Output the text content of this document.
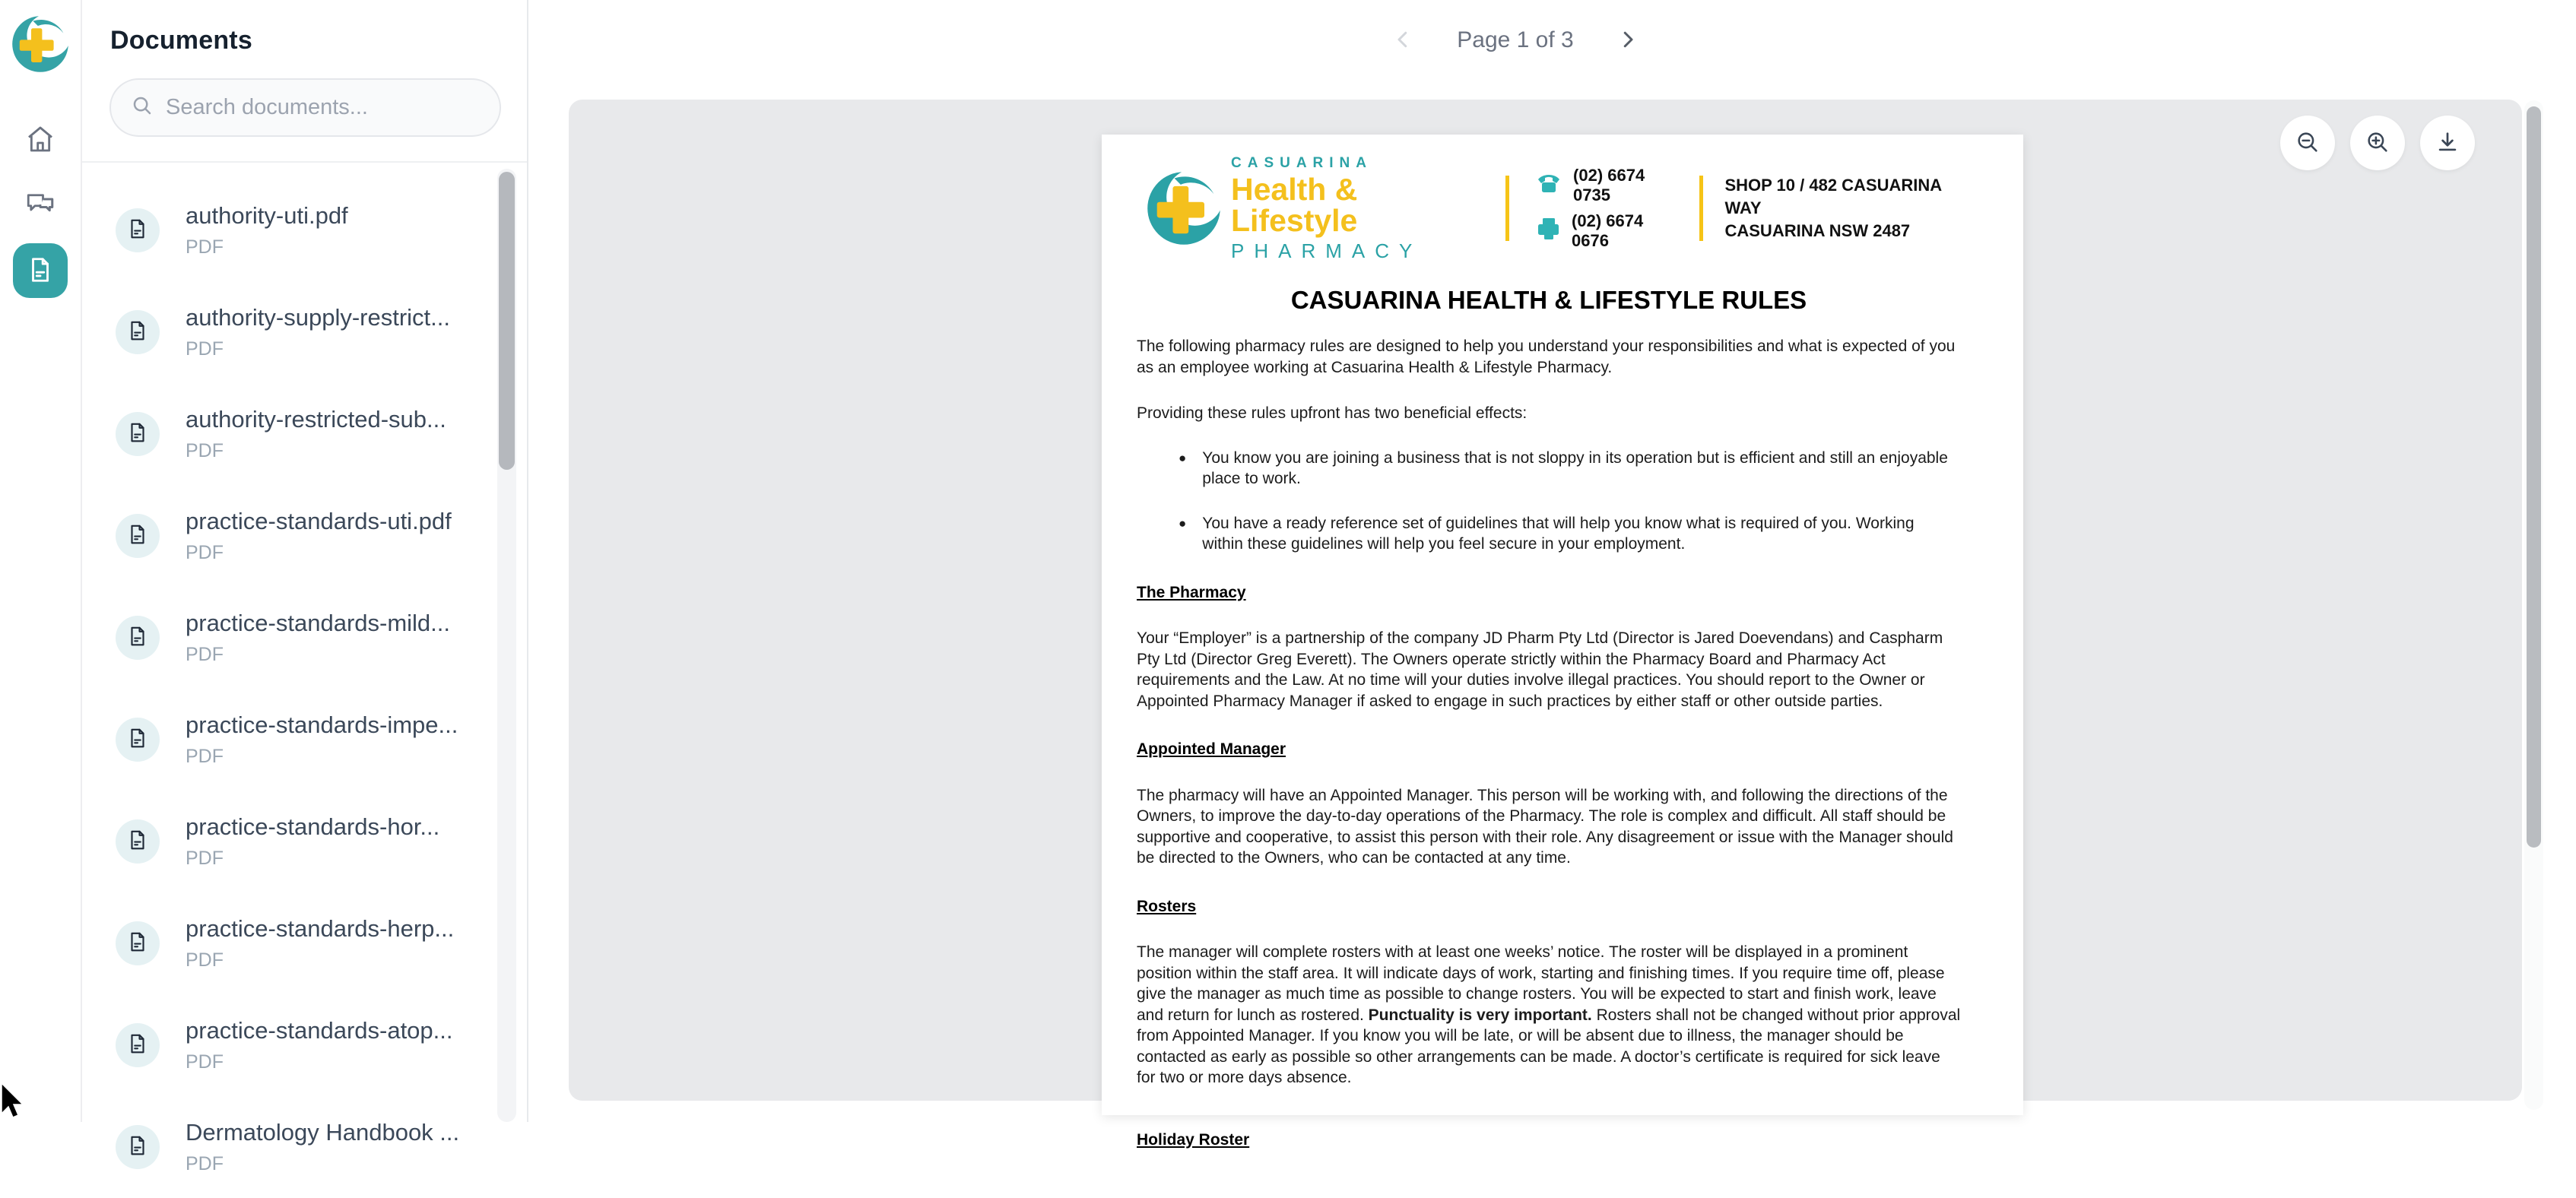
Documents
Search documents...
authority-uti.pdf
PDF
authority-supply-restrict...
PDF
authority-restricted-sub...
PDF
practice-standards-uti.pdf
PDF
practice-standards-mild...
PDF
practice-standards-impe...
PDF
practice-standards-hor...
PDF
practice-standards-herp...
PDF
practice-standards-atop...
PDF
Dermatology Handbook ...
PDF
Page 1 of 3
CASUARINA
Health & Lifestyle
PHARMACY
(02) 6674 0735
(02) 6674 0676
SHOP 10 / 482 CASUARINA WAY
CASUARINA NSW 2487
CASUARINA HEALTH & LIFESTYLE RULES
The following pharmacy rules are designed to help you understand your responsibilities and what is expected of you as an employee working at Casuarina Health & Lifestyle Pharmacy.
Providing these rules upfront has two beneficial effects:
● You know you are joining a business that is not sloppy in its operation but is efficient and still an enjoyable place to work.
● You have a ready reference set of guidelines that will help you know what is required of you. Working within these guidelines will help you feel secure in your employment.
The Pharmacy
Your “Employer” is a partnership of the company JD Pharm Pty Ltd (Director is Jared Doevendans) and Caspharm Pty Ltd (Director Greg Everett). The Owners operate strictly within the Pharmacy Board and Pharmacy Act requirements and the Law. At no time will your duties involve illegal practices. You should report to the Owner or Appointed Pharmacy Manager if asked to engage in such practices by either staff or other outside parties.
Appointed Manager
The pharmacy will have an Appointed Manager. This person will be working with, and following the directions of the Owners, to improve the day-to-day operations of the Pharmacy. The role is complex and difficult. All staff should be supportive and cooperative, to assist this person with their role. Any disagreement or issue with the Manager should be directed to the Owners, who can be contacted at any time.
Rosters
The manager will complete rosters with at least one weeks’ notice. The roster will be displayed in a prominent position within the staff area. It will indicate days of work, starting and finishing times. If you require time off, please give the manager as much time as possible to change rosters. You will be expected to start and finish work, leave and return for lunch as rostered. Punctuality is very important. Rosters shall not be changed without prior approval from Appointed Manager. If you know you will be late, or will be absent due to illness, the manager should be contacted as early as possible so other arrangements can be made. A doctor’s certificate is required for sick leave for two or more days absence.
Holiday Roster
